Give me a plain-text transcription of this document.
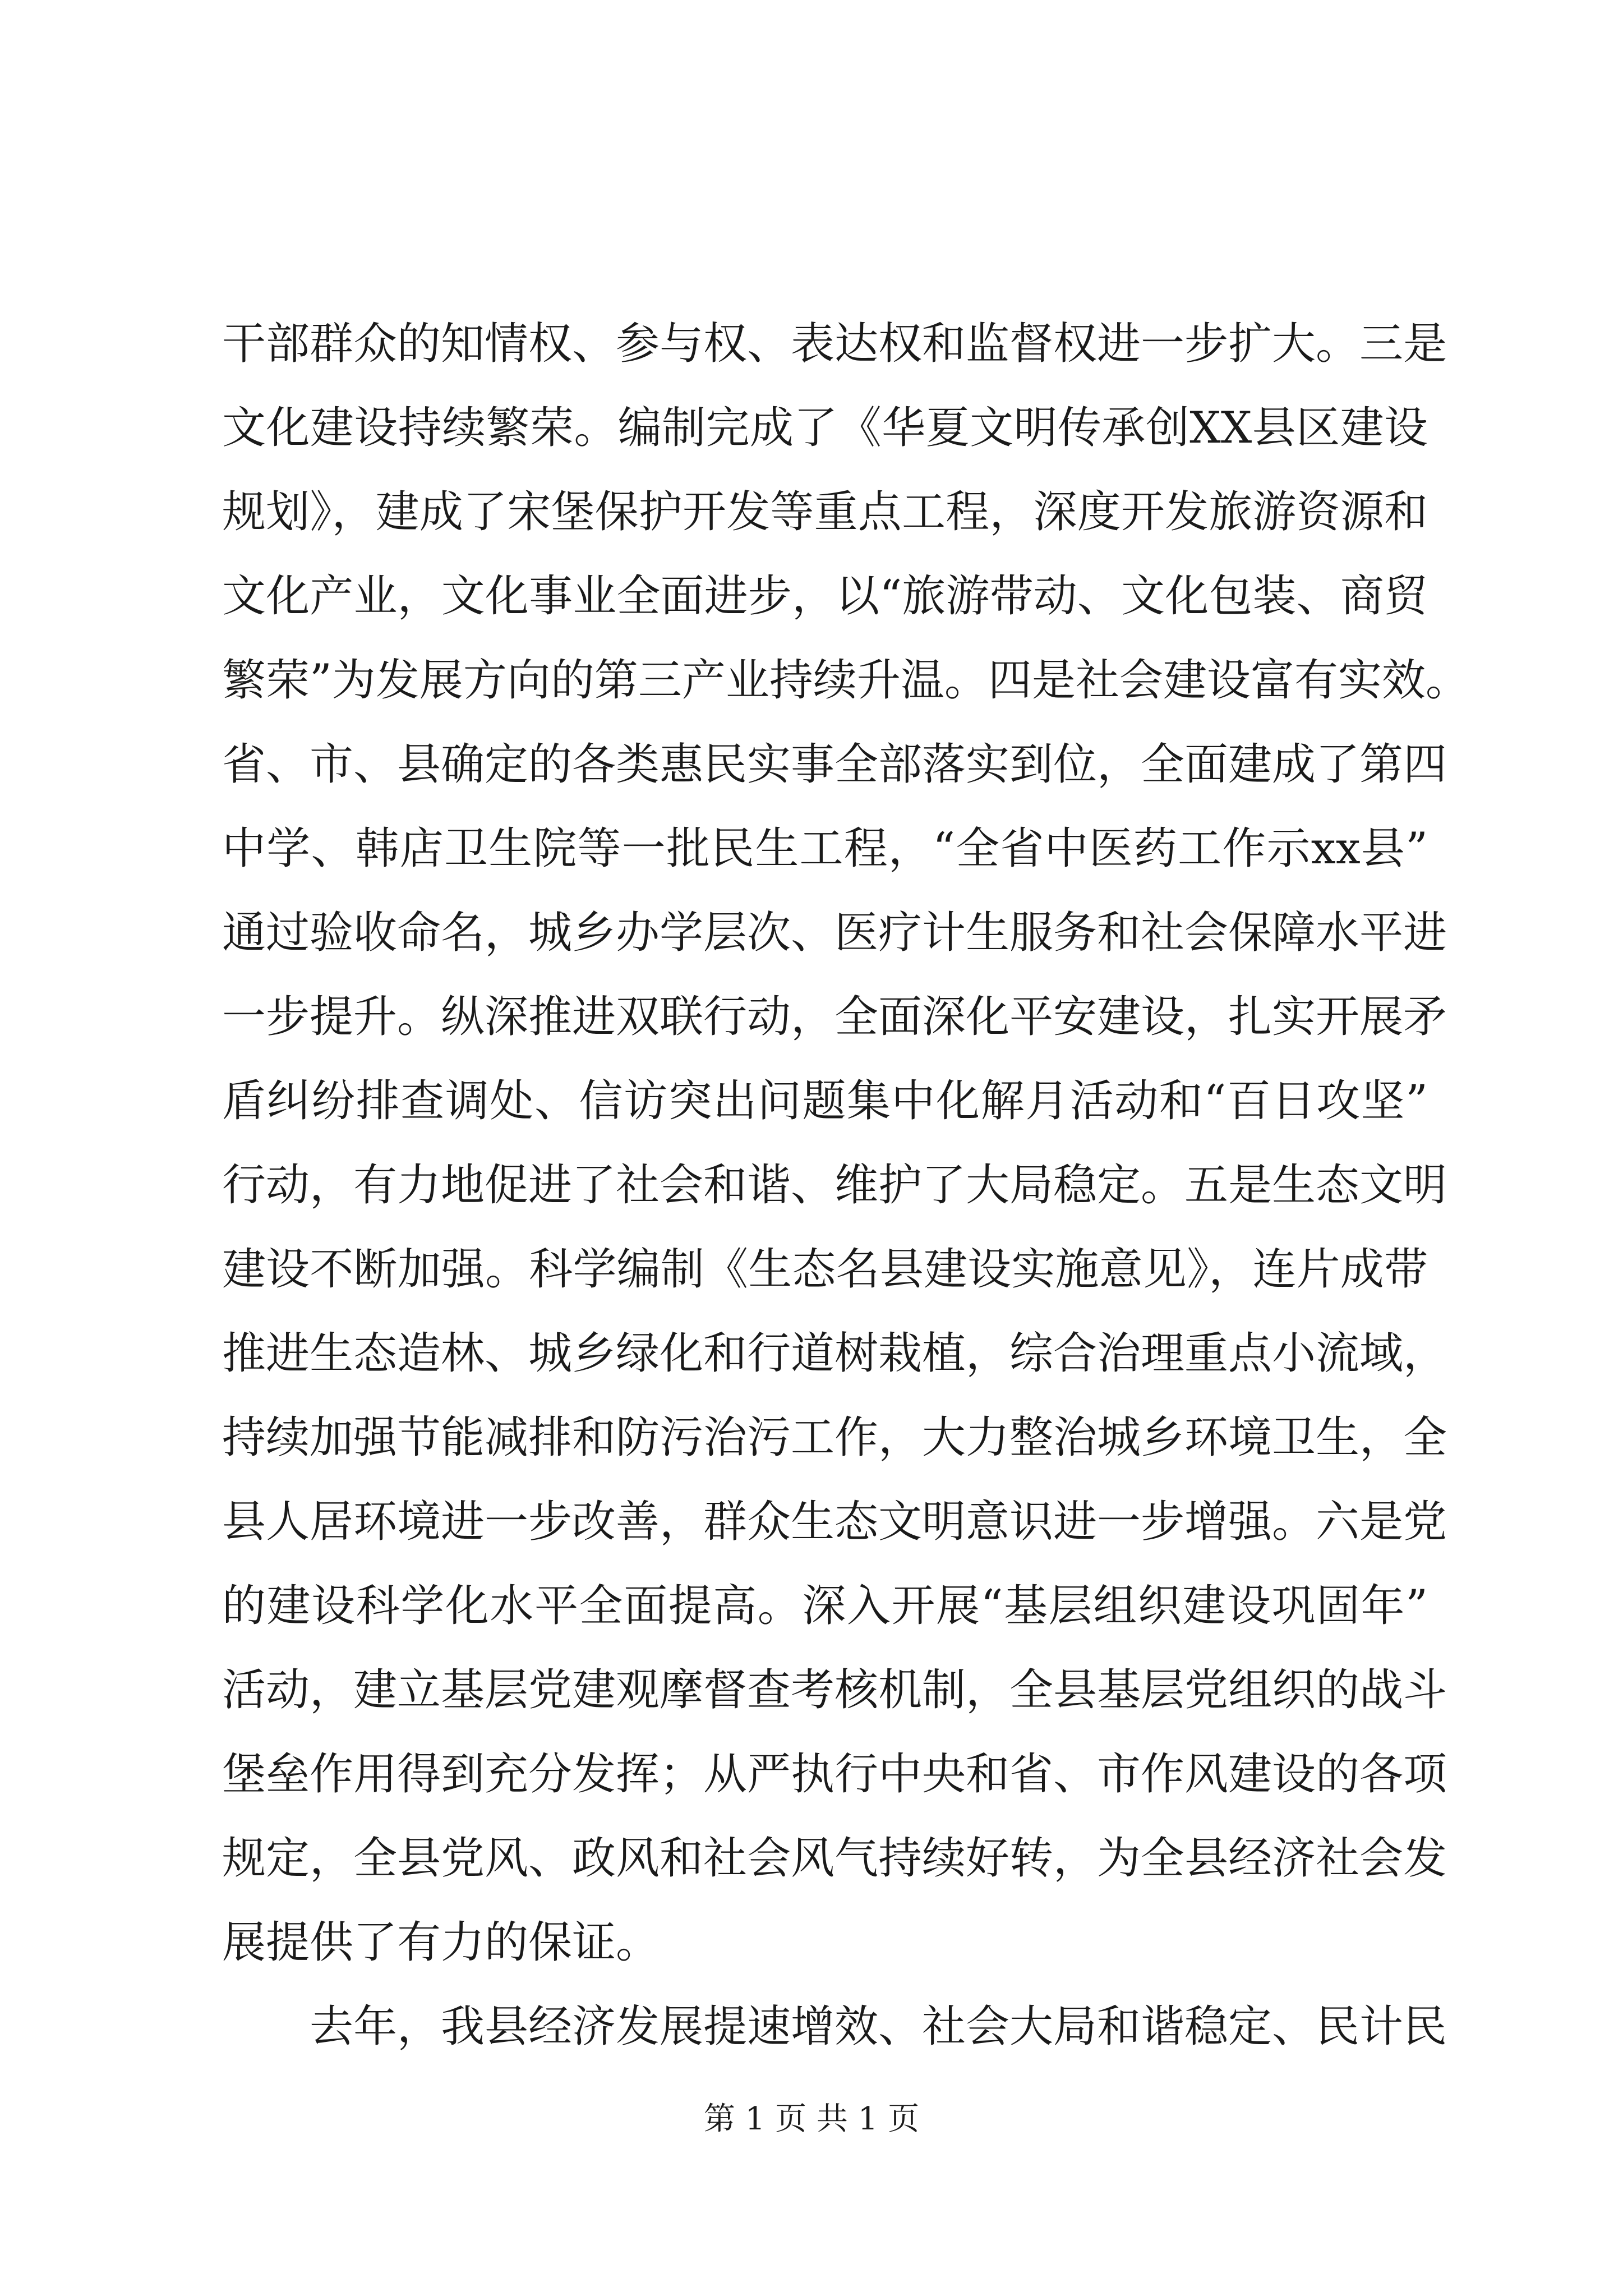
干部群众的知情权、参与权、表达权和监督权进一步扩大。三是
文化建设持续繁荣。编制完成了《华夏文明传承创XX县区建设
规划》，建成了宋堡保护开发等重点工程，深度开发旅游资源和
文化产业，文化事业全面进步，以“旅游带动、文化包装、商贸
繁荣”为发展方向的第三产业持续升温。四是社会建设富有实效。
省、市、县确定的各类惠民实事全部落实到位，全面建成了第四
中学、韩店卫生院等一批民生工程，“全省中医药工作示xx县”
通过验收命名，城乡办学层次、医疗计生服务和社会保障水平进
一步提升。纵深推进双联行动，全面深化平安建设，扎实开展矛
盾纠纷排查调处、信访突出问题集中化解月活动和“百日攻坚”
行动，有力地促进了社会和谐、维护了大局稳定。五是生态文明
建设不断加强。科学编制《生态名县建设实施意见》，连片成带
推进生态造林、城乡绿化和行道树栽植，综合治理重点小流域，
持续加强节能减排和防污治污工作，大力整治城乡环境卫生，全
县人居环境进一步改善，群众生态文明意识进一步增强。六是党
的建设科学化水平全面提高。深入开展“基层组织建设巩固年”
活动，建立基层党建观摩督查考核机制，全县基层党组织的战斗
堡垒作用得到充分发挥；从严执行中央和省、市作风建设的各项
规定，全县党风、政风和社会风气持续好转，为全县经济社会发
展提供了有力的保证。
去年，我县经济发展提速增效、社会大局和谐稳定、民计民
第 1 页 共 1 页
